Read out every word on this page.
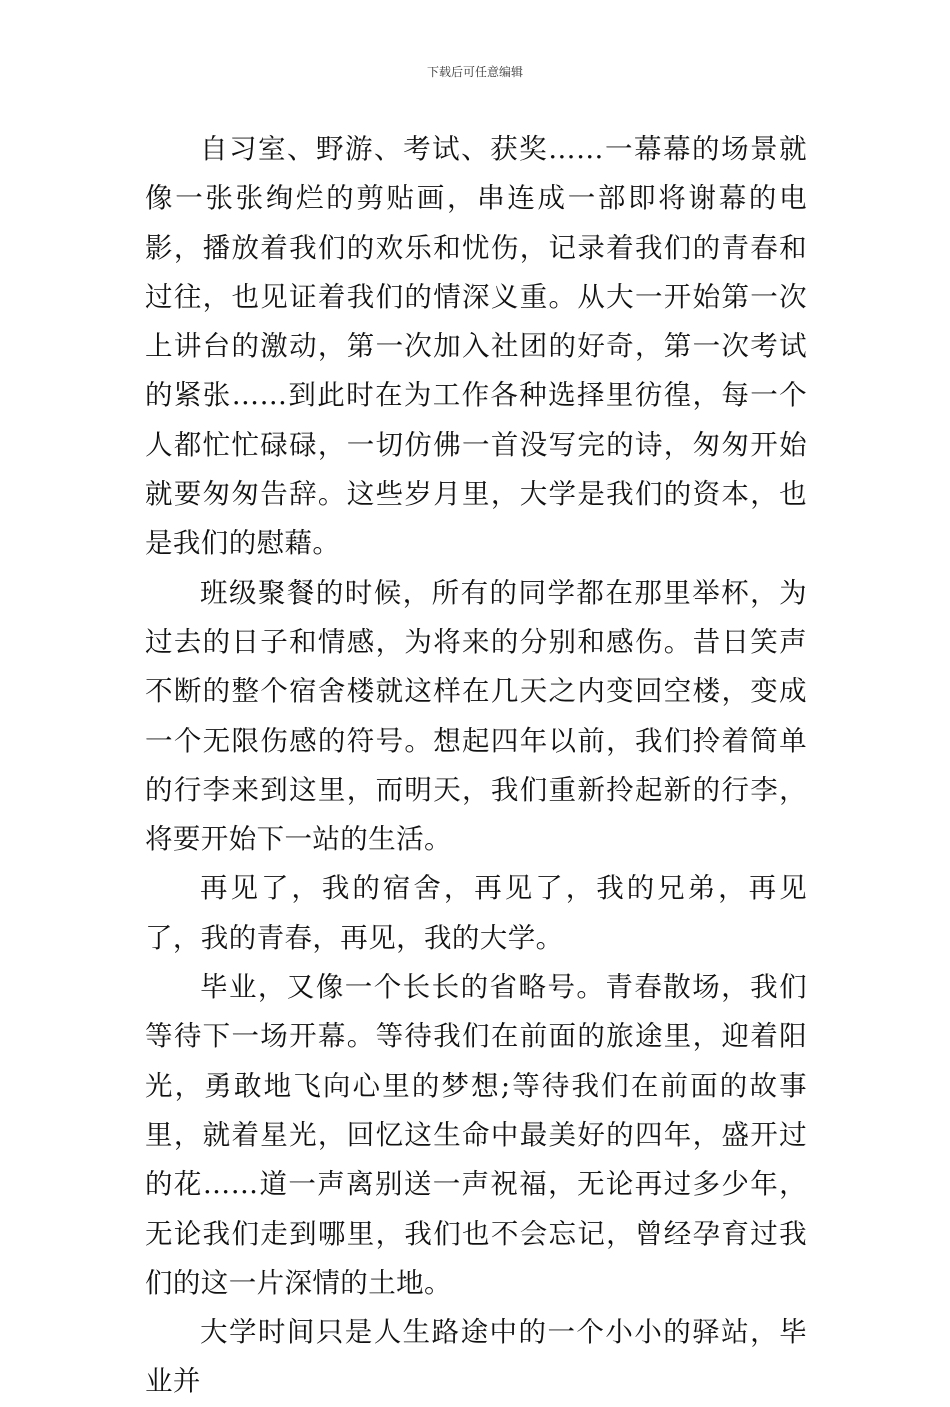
下载后可任意编辑

自习室、野游、考试、获奖……一幕幕的场景就像一张张绚烂的剪贴画，串连成一部即将谢幕的电影，播放着我们的欢乐和忧伤，记录着我们的青春和过往，也见证着我们的情深义重。从大一开始第一次上讲台的激动，第一次加入社团的好奇，第一次考试的紧张……到此时在为工作各种选择里彷徨，每一个人都忙忙碌碌，一切仿佛一首没写完的诗，匆匆开始就要匆匆告辞。这些岁月里，大学是我们的资本，也是我们的慰藉。

班级聚餐的时候，所有的同学都在那里举杯，为过去的日子和情感，为将来的分别和感伤。昔日笑声不断的整个宿舍楼就这样在几天之内变回空楼，变成一个无限伤感的符号。想起四年以前，我们拎着简单的行李来到这里，而明天，我们重新拎起新的行李，将要开始下一站的生活。

再见了，我的宿舍，再见了，我的兄弟，再见了，我的青春，再见，我的大学。

毕业，又像一个长长的省略号。青春散场，我们等待下一场开幕。等待我们在前面的旅途里，迎着阳光，勇敢地飞向心里的梦想;等待我们在前面的故事里，就着星光，回忆这生命中最美好的四年，盛开过的花……道一声离别送一声祝福，无论再过多少年，无论我们走到哪里，我们也不会忘记，曾经孕育过我们的这一片深情的土地。

大学时间只是人生路途中的一个小小的驿站，毕业并
